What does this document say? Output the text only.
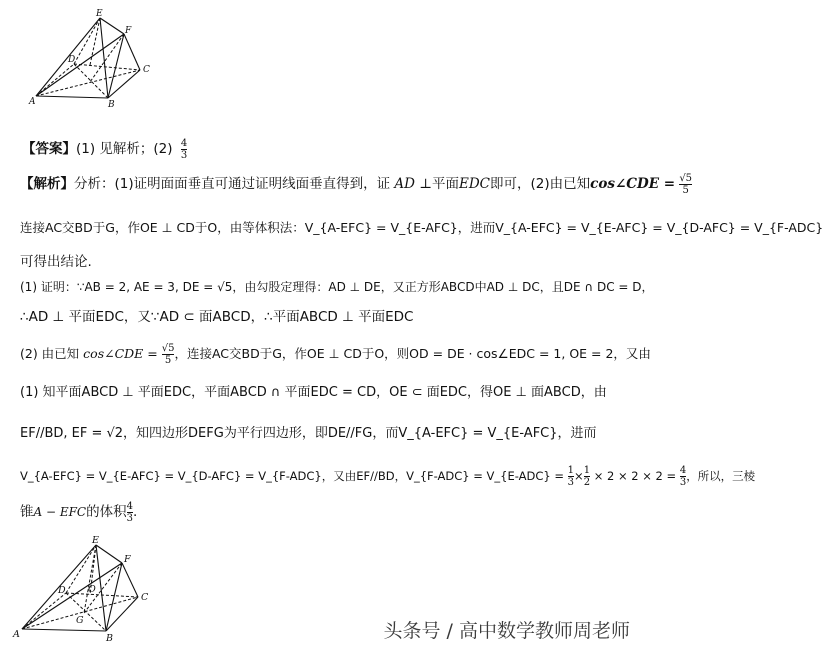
E
F
D
C
A	B
【答案】(1) 见解析；$(2) \frac{4}{3}$
【解析】分析：(1)证明面面垂直可通过证明线面垂直得到，证 AD ⊥平面EDC即可，(2)由已知cos∠CDE = $\frac{√5}{5}$
连接AC交BD于G，作OE ⊥ CD于O，由等体积法：V_{A-EFC} = V_{E-AFC}，进而V_{A-EFC} = V_{E-AFC} = V_{D-AFC} = V_{F-ADC}
可得出结论.
(1) 证明：∵AB = 2, AE = 3, DE = √5，由勾股定理得：AD ⊥ DE，又正方形ABCD中AD ⊥ DC，且DE ∩ DC = D，
∴AD ⊥ 平面EDC，又∵AD ⊂ 面ABCD，∴平面ABCD ⊥ 平面EDC
(2) 由已知 cos∠CDE = $\frac{√5}{5}$ ，连接AC交BD于G，作OE ⊥ CD于O，则OD = DE · cos∠EDC = 1, OE = 2，又由
(1) 知平面ABCD ⊥ 平面EDC，平面ABCD ∩ 平面EDC = CD，OE ⊂ 面EDC，得OE ⊥ 面ABCD，由
EF//BD, EF = √2，知四边形DEFG为平行四边形，即DE//FG，而V_{A-EFC} = V_{E-AFC}，进而
V_{A-EFC} = V_{E-AFC} = V_{D-AFC} = V_{F-ADC}，又由EF//BD，V_{F-ADC} = V_{E-ADC} = $\frac{1}{3} \times \frac{1}{2} \times 2 \times 2 \times 2 = \frac{4}{3}$ ，所以，三棱
锥A − EFC的体积 $\frac{4}{3}$ .
E
F
D O
C
A	B
G	头条号 / 高中数学教师周老师
